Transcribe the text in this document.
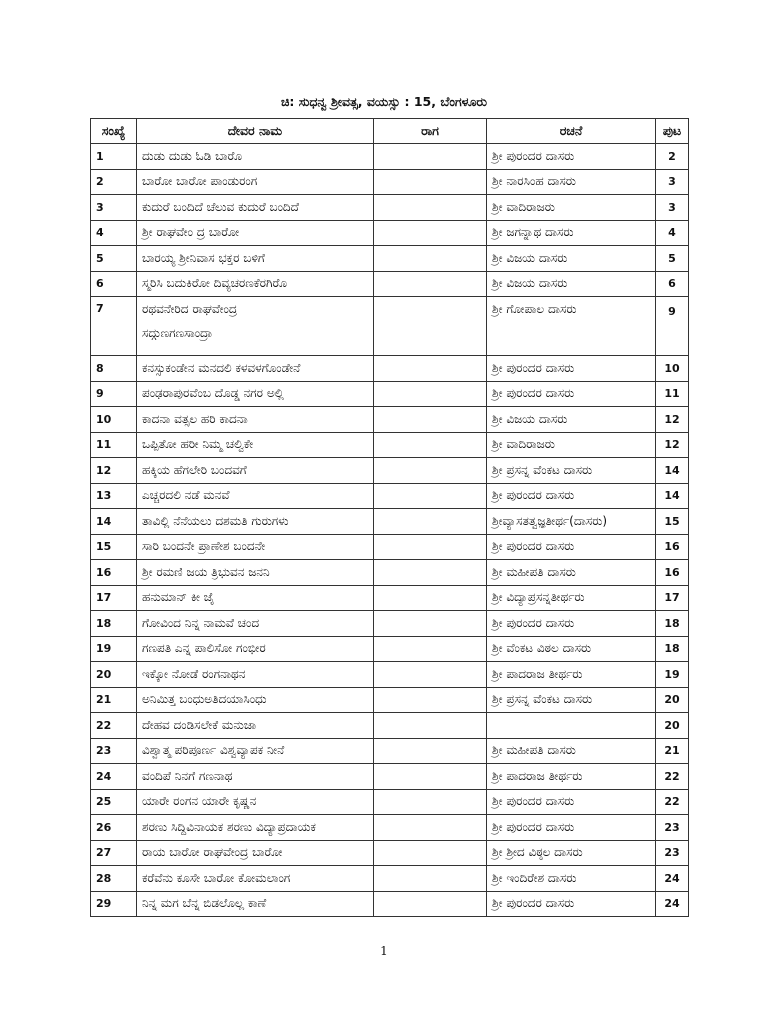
ಚಿ: ಸುಧನ್ವ ಶ್ರೀವತ್ಸ, ವಯಸ್ಸು : 15, ಬೆಂಗಳೂರು
ಸಂಖ್ಯೆ	ದೇವರ ನಾಮ	ರಾಗ	ರಚನೆ	ಪುಟ
1	ದುಡು ದುಡು ಓಡಿ ಬಾರೊ		ಶ್ರೀ ಪುರಂದರ ದಾಸರು	2
2	ಬಾರೋ ಬಾರೋ ಪಾಂಡುರಂಗ		ಶ್ರೀ ನಾರಸಿಂಹ ದಾಸರು	3
3	ಕುದುರೆ ಬಂದಿದೆ ಚೆಲುವ ಕುದುರೆ ಬಂದಿದೆ		ಶ್ರೀ ವಾದಿರಾಜರು	3
4	ಶ್ರೀ ರಾಘವೇಂ ದ್ರ ಬಾರೋ		ಶ್ರೀ ಜಗನ್ನಾಥ ದಾಸರು	4
5	ಬಾರಯ್ಯ ಶ್ರೀನಿವಾಸ ಭಕ್ತರ ಬಳಿಗೆ		ಶ್ರೀ ವಿಜಯ ದಾಸರು	5
6	ಸ್ಮರಿಸಿ ಬದುಕಿರೋ ದಿವ್ಯಚರಣಕೆರಗಿರೊ		ಶ್ರೀ ವಿಜಯ ದಾಸರು	6
7	ರಥವನೇರಿದ ರಾಘವೇಂದ್ರ
ಸದ್ಗುಣಗಣಸಾಂದ್ರಾ		ಶ್ರೀ ಗೋಪಾಲ ದಾಸರು	9
8	ಕನಸ್ಸುಕಂಡೇನ ಮನದಲಿ ಕಳವಳಗೊಂಡೇನೆ		ಶ್ರೀ ಪುರಂದರ ದಾಸರು	10
9	ಪಂಢರಾಪುರವೆಂಬ ದೊಡ್ಡ ನಗರ ಅಲ್ಲಿ		ಶ್ರೀ ಪುರಂದರ ದಾಸರು	11
10	ಕಾದನಾ ವತ್ಸಲ ಹರಿ ಕಾದನಾ		ಶ್ರೀ ವಿಜಯ ದಾಸರು	12
11	ಒಪ್ಪಿತೋ ಹರೀ ನಿಮ್ಮ ಚಲ್ವಿಕೇ		ಶ್ರೀ ವಾದಿರಾಜರು	12
12	ಹಕ್ಕಿಯ ಹೆಗಲೇರಿ ಬಂದವಗೆ		ಶ್ರೀ ಪ್ರಸನ್ನ ವೆಂಕಟ ದಾಸರು	14
13	ಎಚ್ಚರದಲಿ ನಡೆ ಮನವೆ		ಶ್ರೀ ಪುರಂದರ ದಾಸರು	14
14	ತಾವಿಲ್ಲಿ ನೆನೆಯಲು ದಶಮತಿ ಗುರುಗಳು		ಶ್ರೀವ್ಯಾಸತತ್ವಜ್ಞತೀರ್ಥ(ದಾಸರು)	15
15	ಸಾರಿ ಬಂದನೇ ಪ್ರಾಣೇಶ ಬಂದನೇ		ಶ್ರೀ ಪುರಂದರ ದಾಸರು	16
16	ಶ್ರೀ ರಮಣಿ ಜಯ ತ್ರಿಭುವನ ಜನನಿ		ಶ್ರೀ ಮಹೀಪತಿ ದಾಸರು	16
17	ಹನುಮಾನ್ ಕೀ ಜೈ		ಶ್ರೀ ವಿದ್ಯಾಪ್ರಸನ್ನತೀರ್ಥರು	17
18	ಗೋವಿಂದ ನಿನ್ನ ನಾಮವೆ ಚಂದ		ಶ್ರೀ ಪುರಂದರ ದಾಸರು	18
19	ಗಣಪತಿ ಎನ್ನ ಪಾಲಿಸೋ ಗಂಭೀರ		ಶ್ರೀ ವೆಂಕಟ ವಿಠಲ ದಾಸರು	18
20	ಇಕ್ಕೋ ನೋಡೆ ರಂಗನಾಥನ		ಶ್ರೀ ಪಾದರಾಜ ತೀರ್ಥರು	19
21	ಅನಿಮಿತ್ತ ಬಂಧುಅತಿದಯಾಸಿಂಧು		ಶ್ರೀ ಪ್ರಸನ್ನ ವೆಂಕಟ ದಾಸರು	20
22	ದೇಹವ ದಂಡಿಸಲೇಕೆ ಮನುಜಾ			20
23	ವಿಶ್ವಾತ್ಮ ಪರಿಪೂರ್ಣ ವಿಶ್ವವ್ಯಾಪಕ ನೀನೆ		ಶ್ರೀ ಮಹೀಪತಿ ದಾಸರು	21
24	ವಂದಿಪೆ ನಿನಗೆ ಗಣನಾಥ		ಶ್ರೀ ಪಾದರಾಜ ತೀರ್ಥರು	22
25	ಯಾರೇ ರಂಗನ ಯಾರೇ ಕೃಷ್ಣನ		ಶ್ರೀ ಪುರಂದರ ದಾಸರು	22
26	ಶರಣು ಸಿದ್ದಿವಿನಾಯಕ ಶರಣು ವಿದ್ಯಾಪ್ರದಾಯಕ		ಶ್ರೀ ಪುರಂದರ ದಾಸರು	23
27	ರಾಯ ಬಾರೋ ರಾಘವೇಂದ್ರ ಬಾರೋ		ಶ್ರೀ ಶ್ರೀದ ವಿಠ್ಠಲ ದಾಸರು	23
28	ಕರೆವೆನು ಕೂಸೇ ಬಾರೋ ಕೋಮಲಾಂಗ		ಶ್ರೀ ಇಂದಿರೇಶ ದಾಸರು	24
29	ನಿನ್ನ ಮಗ ಬೆನ್ನ ಬಿಡಲೊಲ್ಲ ಕಾಣೆ		ಶ್ರೀ ಪುರಂದರ ದಾಸರು	24
1
